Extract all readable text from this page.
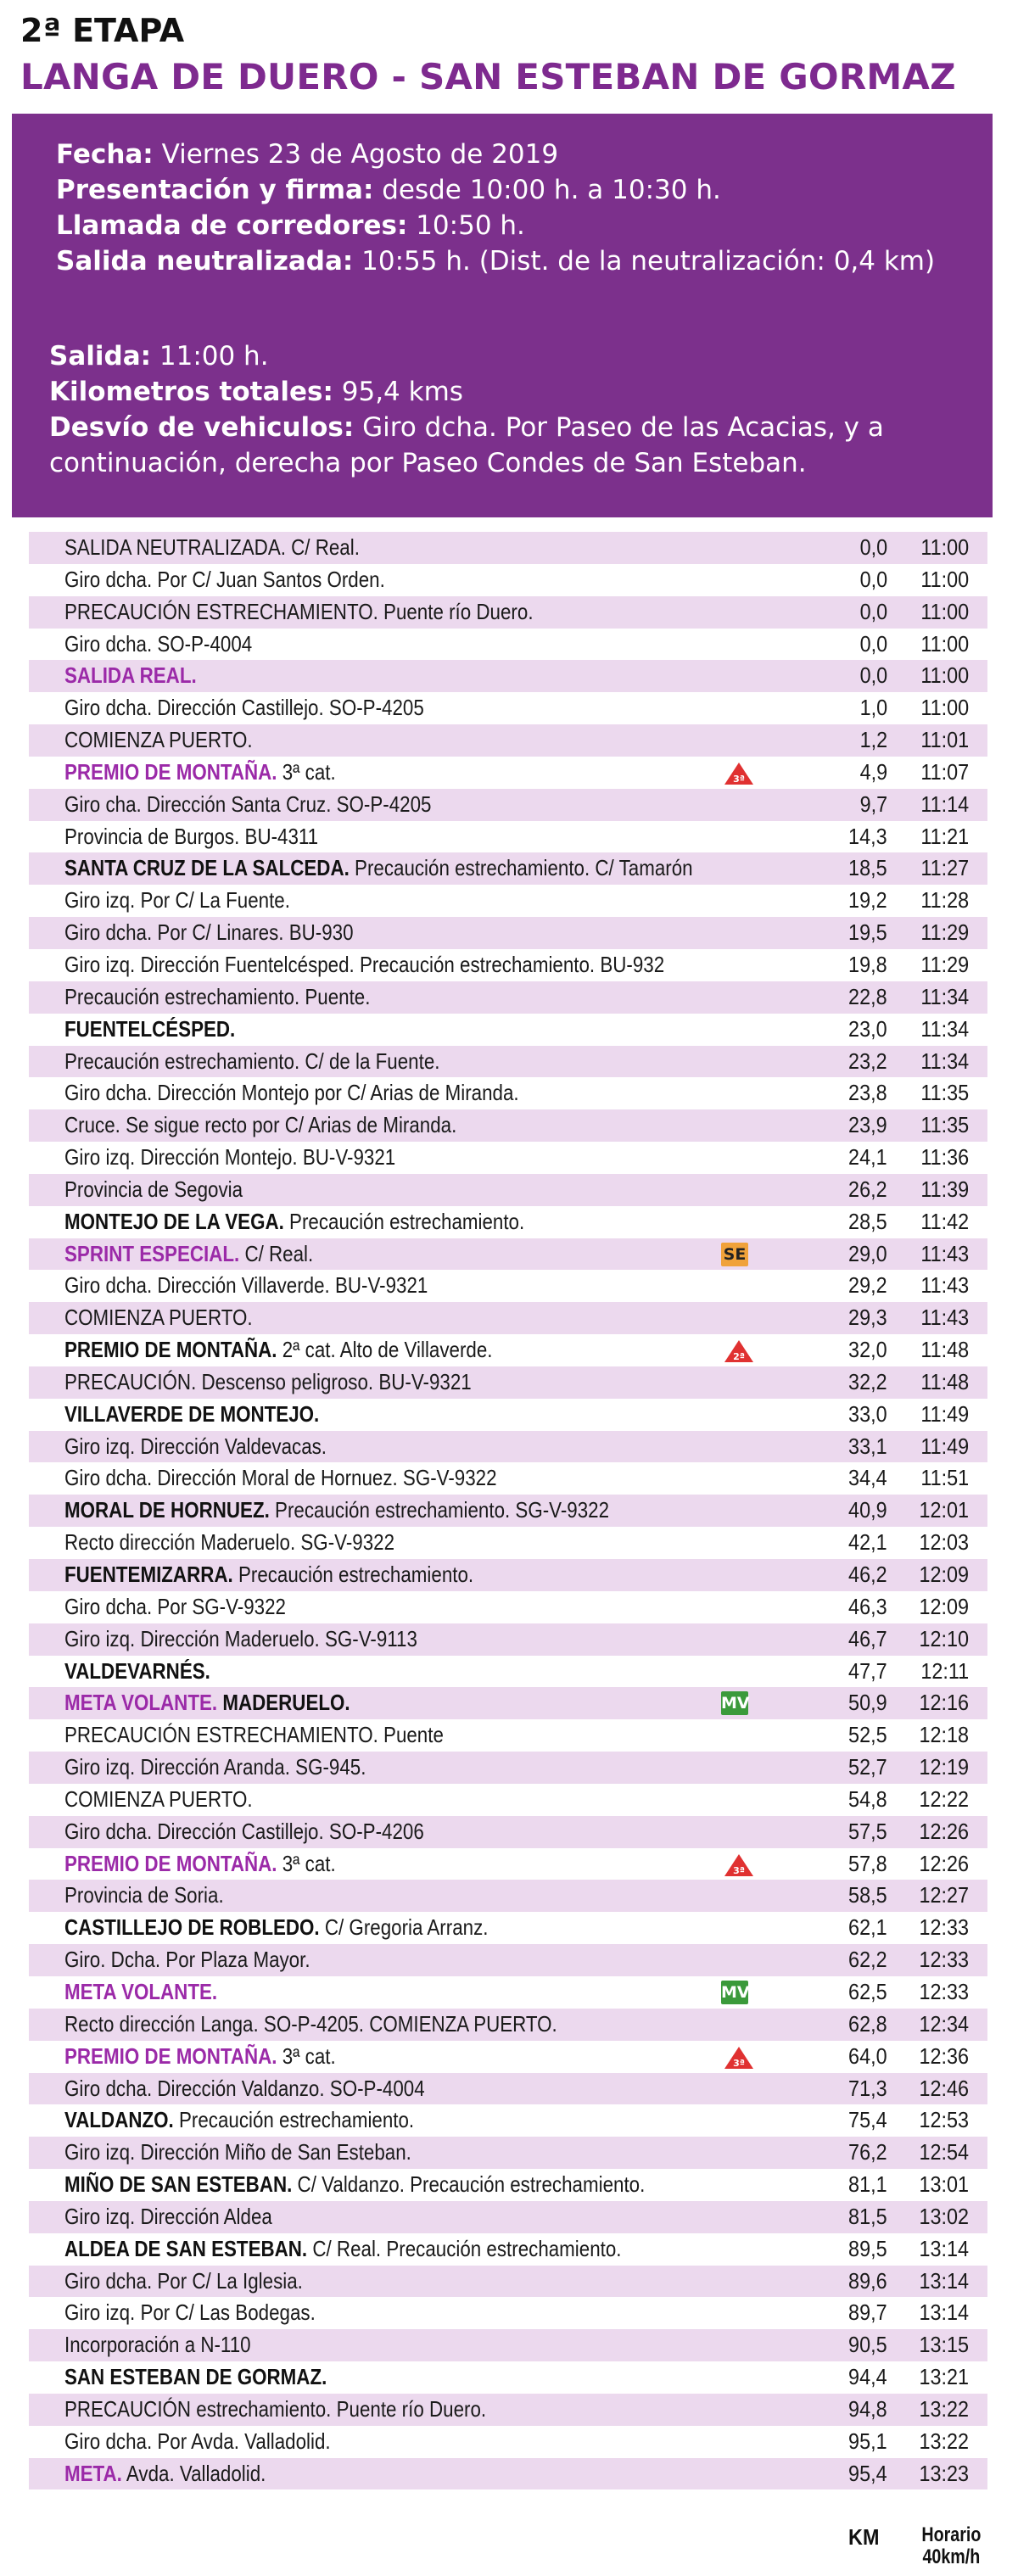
2ª ETAPA
LANGA DE DUERO - SAN ESTEBAN DE GORMAZ
Fecha: Viernes 23 de Agosto de 2019
Presentación y firma: desde 10:00 h. a 10:30 h.
Llamada de corredores: 10:50 h.
Salida neutralizada: 10:55 h. (Dist. de la neutralización: 0,4 km)
Salida: 11:00 h.
Kilometros totales: 95,4 kms
Desvío de vehiculos: Giro dcha. Por Paseo de las Acacias, y a
continuación, derecha por Paseo Condes de San Esteban.
SALIDA NEUTRALIZADA. C/ Real.	0,0 11:00
Giro dcha. Por C/ Juan Santos Orden.	0,0 11:00
PRECAUCIÓN ESTRECHAMIENTO. Puente río Duero.	0,0 11:00
Giro dcha. SO-P-4004	0,0 11:00
SALIDA REAL.	0,0 11:00
Giro dcha. Dirección Castillejo. SO-P-4205	1,0 11:00
COMIENZA PUERTO.	1,2 11:01
PREMIO DE MONTAÑA. 3ª cat.	3ª	4,9 11:07
Giro cha. Dirección Santa Cruz. SO-P-4205	9,7 11:14
Provincia de Burgos. BU-4311	14,3 11:21
SANTA CRUZ DE LA SALCEDA. Precaución estrechamiento. C/ Tamarón	18,5 11:27
Giro izq. Por C/ La Fuente.	19,2 11:28
Giro dcha. Por C/ Linares. BU-930	19,5 11:29
Giro izq. Dirección Fuentelcésped. Precaución estrechamiento. BU-932	19,8 11:29
Precaución estrechamiento. Puente.	22,8 11:34
FUENTELCÉSPED.	23,0 11:34
Precaución estrechamiento. C/ de la Fuente.	23,2 11:34
Giro dcha. Dirección Montejo por C/ Arias de Miranda.	23,8 11:35
Cruce. Se sigue recto por C/ Arias de Miranda.	23,9 11:35
Giro izq. Dirección Montejo. BU-V-9321	24,1 11:36
Provincia de Segovia	26,2 11:39
MONTEJO DE LA VEGA. Precaución estrechamiento.	28,5 11:42
SPRINT ESPECIAL. C/ Real.	SE	29,0 11:43
Giro dcha. Dirección Villaverde. BU-V-9321	29,2 11:43
COMIENZA PUERTO.	29,3 11:43
PREMIO DE MONTAÑA. 2ª cat. Alto de Villaverde.	2ª	32,0 11:48
PRECAUCIÓN. Descenso peligroso. BU-V-9321	32,2 11:48
VILLAVERDE DE MONTEJO.	33,0 11:49
Giro izq. Dirección Valdevacas.	33,1 11:49
Giro dcha. Dirección Moral de Hornuez. SG-V-9322	34,4 11:51
MORAL DE HORNUEZ. Precaución estrechamiento. SG-V-9322	40,9 12:01
Recto dirección Maderuelo. SG-V-9322	42,1 12:03
FUENTEMIZARRA. Precaución estrechamiento.	46,2 12:09
Giro dcha. Por SG-V-9322	46,3 12:09
Giro izq. Dirección Maderuelo. SG-V-9113	46,7 12:10
VALDEVARNÉS.	47,7 12:11
META VOLANTE. MADERUELO.	MV	50,9 12:16
PRECAUCIÓN ESTRECHAMIENTO. Puente	52,5 12:18
Giro izq. Dirección Aranda. SG-945.	52,7 12:19
COMIENZA PUERTO.	54,8 12:22
Giro dcha. Dirección Castillejo. SO-P-4206	57,5 12:26
PREMIO DE MONTAÑA. 3ª cat.	3ª	57,8 12:26
Provincia de Soria.	58,5 12:27
CASTILLEJO DE ROBLEDO. C/ Gregoria Arranz.	62,1 12:33
Giro. Dcha. Por Plaza Mayor.	62,2 12:33
META VOLANTE.	MV	62,5 12:33
Recto dirección Langa. SO-P-4205. COMIENZA PUERTO.	62,8 12:34
PREMIO DE MONTAÑA. 3ª cat.	3ª	64,0 12:36
Giro dcha. Dirección Valdanzo. SO-P-4004	71,3 12:46
VALDANZO. Precaución estrechamiento.	75,4 12:53
Giro izq. Dirección Miño de San Esteban.	76,2 12:54
MIÑO DE SAN ESTEBAN. C/ Valdanzo. Precaución estrechamiento.	81,1 13:01
Giro izq. Dirección Aldea	81,5 13:02
ALDEA DE SAN ESTEBAN. C/ Real. Precaución estrechamiento.	89,5 13:14
Giro dcha. Por C/ La Iglesia.	89,6 13:14
Giro izq. Por C/ Las Bodegas.	89,7 13:14
Incorporación a N-110	90,5 13:15
SAN ESTEBAN DE GORMAZ.	94,4 13:21
PRECAUCIÓN estrechamiento. Puente río Duero.	94,8 13:22
Giro dcha. Por Avda. Valladolid.	95,1 13:22
META. Avda. Valladolid.	95,4 13:23
KM Horario
40km/h
